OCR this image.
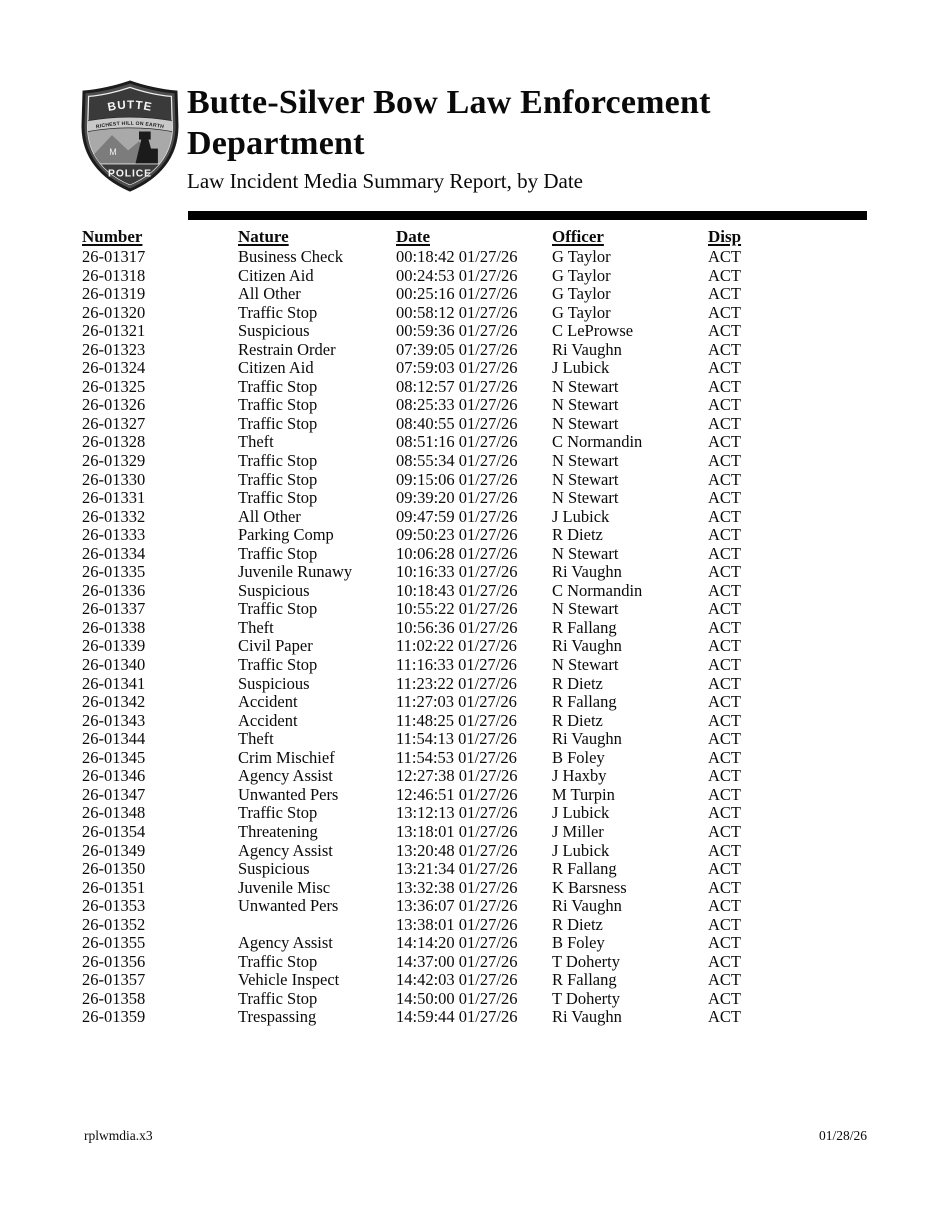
BUTTE
RICHEST HILL ON EARTH
M
POLICE
Butte-Silver Bow Law Enforcement
Department
Law Incident Media Summary Report, by Date
Number	Nature	Date	Officer	Disp
26-01317	Business Check	00:18:42 01/27/26	G Taylor	ACT
26-01318	Citizen Aid	00:24:53 01/27/26	G Taylor	ACT
26-01319	All Other	00:25:16 01/27/26	G Taylor	ACT
26-01320	Traffic Stop	00:58:12 01/27/26	G Taylor	ACT
26-01321	Suspicious	00:59:36 01/27/26	C LeProwse	ACT
26-01323	Restrain Order	07:39:05 01/27/26	Ri Vaughn	ACT
26-01324	Citizen Aid	07:59:03 01/27/26	J Lubick	ACT
26-01325	Traffic Stop	08:12:57 01/27/26	N Stewart	ACT
26-01326	Traffic Stop	08:25:33 01/27/26	N Stewart	ACT
26-01327	Traffic Stop	08:40:55 01/27/26	N Stewart	ACT
26-01328	Theft	08:51:16 01/27/26	C Normandin	ACT
26-01329	Traffic Stop	08:55:34 01/27/26	N Stewart	ACT
26-01330	Traffic Stop	09:15:06 01/27/26	N Stewart	ACT
26-01331	Traffic Stop	09:39:20 01/27/26	N Stewart	ACT
26-01332	All Other	09:47:59 01/27/26	J Lubick	ACT
26-01333	Parking Comp	09:50:23 01/27/26	R Dietz	ACT
26-01334	Traffic Stop	10:06:28 01/27/26	N Stewart	ACT
26-01335	Juvenile Runawy	10:16:33 01/27/26	Ri Vaughn	ACT
26-01336	Suspicious	10:18:43 01/27/26	C Normandin	ACT
26-01337	Traffic Stop	10:55:22 01/27/26	N Stewart	ACT
26-01338	Theft	10:56:36 01/27/26	R Fallang	ACT
26-01339	Civil Paper	11:02:22 01/27/26	Ri Vaughn	ACT
26-01340	Traffic Stop	11:16:33 01/27/26	N Stewart	ACT
26-01341	Suspicious	11:23:22 01/27/26	R Dietz	ACT
26-01342	Accident	11:27:03 01/27/26	R Fallang	ACT
26-01343	Accident	11:48:25 01/27/26	R Dietz	ACT
26-01344	Theft	11:54:13 01/27/26	Ri Vaughn	ACT
26-01345	Crim Mischief	11:54:53 01/27/26	B Foley	ACT
26-01346	Agency Assist	12:27:38 01/27/26	J Haxby	ACT
26-01347	Unwanted Pers	12:46:51 01/27/26	M Turpin	ACT
26-01348	Traffic Stop	13:12:13 01/27/26	J Lubick	ACT
26-01354	Threatening	13:18:01 01/27/26	J Miller	ACT
26-01349	Agency Assist	13:20:48 01/27/26	J Lubick	ACT
26-01350	Suspicious	13:21:34 01/27/26	R Fallang	ACT
26-01351	Juvenile Misc	13:32:38 01/27/26	K Barsness	ACT
26-01353	Unwanted Pers	13:36:07 01/27/26	Ri Vaughn	ACT
26-01352		13:38:01 01/27/26	R Dietz	ACT
26-01355	Agency Assist	14:14:20 01/27/26	B Foley	ACT
26-01356	Traffic Stop	14:37:00 01/27/26	T Doherty	ACT
26-01357	Vehicle Inspect	14:42:03 01/27/26	R Fallang	ACT
26-01358	Traffic Stop	14:50:00 01/27/26	T Doherty	ACT
26-01359	Trespassing	14:59:44 01/27/26	Ri Vaughn	ACT
rplwmdia.x3	01/28/26
